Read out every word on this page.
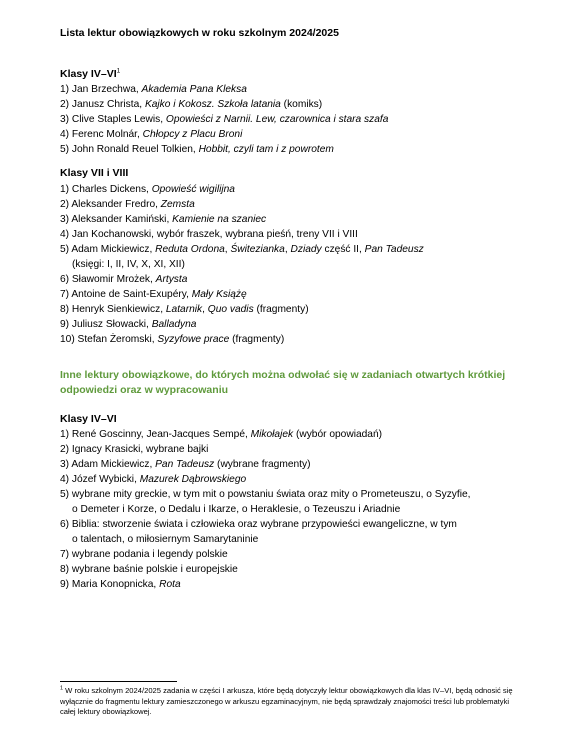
Lista lektur obowiązkowych w roku szkolnym 2024/2025
Klasy $IV-VI^1$
1) Jan Brzechwa, Akademia Pana Kleksa
2) Janusz Christa, Kajko i Kokosz. Szkoła latania (komiks)
3) Clive Staples Lewis, Opowieści z Narnii. Lew, czarownica i stara szafa
4) Ferenc Molnár, Chłopcy z Placu Broni
5) John Ronald Reuel Tolkien, Hobbit, czyli tam i z powrotem
Klasy VII i VIII
1) Charles Dickens, Opowieść wigilijna
2) Aleksander Fredro, Zemsta
3) Aleksander Kamiński, Kamienie na szaniec
4) Jan Kochanowski, wybór fraszek, wybrana pieśń, treny VII i VIII
5) Adam Mickiewicz, Reduta Ordona, Świtezianka, Dziady część II, Pan Tadeusz
(księgi: I, II, IV, X, XI, XII)
6) Sławomir Mrożek, Artysta
7) Antoine de Saint-Exupéry, Mały Książę
8) Henryk Sienkiewicz, Latarnik, Quo vadis (fragmenty)
9) Juliusz Słowacki, Balladyna
10) Stefan Żeromski, Syzyfowe prace (fragmenty)
Inne lektury obowiązkowe, do których można odwołać się w zadaniach otwartych krótkiej odpowiedzi oraz w wypracowaniu
Klasy IV–VI
1) René Goscinny, Jean-Jacques Sempé, Mikołajek (wybór opowiadań)
2) Ignacy Krasicki, wybrane bajki
3) Adam Mickiewicz, Pan Tadeusz (wybrane fragmenty)
4) Józef Wybicki, Mazurek Dąbrowskiego
5) wybrane mity greckie, w tym mit o powstaniu świata oraz mity o Prometeuszu, o Syzyfie,
o Demeter i Korze, o Dedalu i Ikarze, o Heraklesie, o Tezeuszu i Ariadnie
6) Biblia: stworzenie świata i człowieka oraz wybrane przypowieści ewangeliczne, w tym
o talentach, o miłosiernym Samarytaninie
7) wybrane podania i legendy polskie
8) wybrane baśnie polskie i europejskie
9) Maria Konopnicka, Rota
$^1$ W roku szkolnym 2024/2025 zadania w części I arkusza, które będą dotyczyły lektur obowiązkowych dla klas IV–VI, będą odnosić się wyłącznie do fragmentu lektury zamieszczonego w arkuszu egzaminacyjnym, nie będą sprawdzały znajomości treści lub problematyki całej lektury obowiązkowej.
